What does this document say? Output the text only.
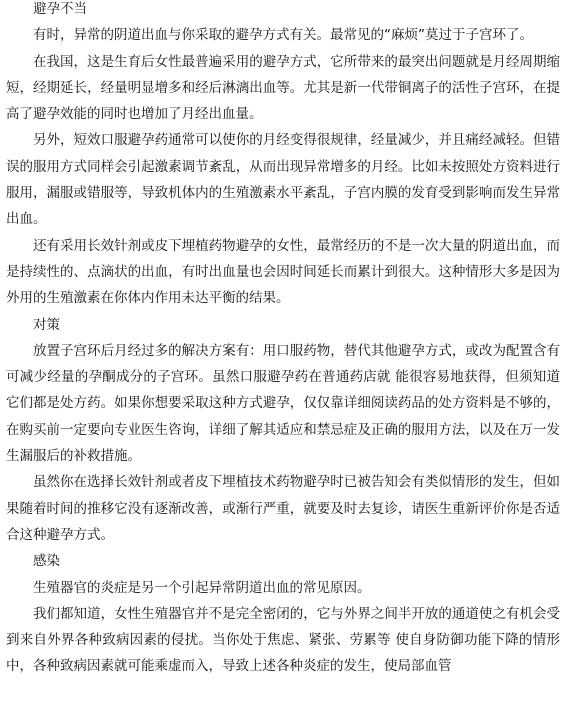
避孕不当

有时，异常的阴道出血与你采取的避孕方式有关。最常见的“麻烦”莫过于子宫环了。

在我国，这是生育后女性最普遍采用的避孕方式，它所带来的最突出问题就是月经周期缩短，经期延长，经量明显增多和经后淋漓出血等。尤其是新一代带铜离子的活性子宫环，在提高了避孕效能的同时也增加了月经出血量。

另外，短效口服避孕药通常可以使你的月经变得很规律，经量减少，并且痛经减轻。但错误的服用方式同样会引起激素调节紊乱，从而出现异常增多的月经。比如未按照处方资料进行服用，漏服或错服等，导致机体内的生殖激素水平紊乱，子宫内膜的发育受到影响而发生异常出血。

还有采用长效针剂或皮下埋植药物避孕的女性，最常经历的不是一次大量的阴道出血，而是持续性的、点滴状的出血，有时出血量也会因时间延长而累计到很大。这种情形大多是因为外用的生殖激素在你体内作用未达平衡的结果。

对策

放置子宫环后月经过多的解决方案有：用口服药物，替代其他避孕方式，或改为配置含有可减少经量的孕酮成分的子宫环。虽然口服避孕药在普通药店就 能很容易地获得，但须知道它们都是处方药。如果你想要采取这种方式避孕，仅仅靠详细阅读药品的处方资料是不够的，在购买前一定要向专业医生咨询，详细了解其适应和禁忌症及正确的服用方法，以及在万一发生漏服后的补救措施。

虽然你在选择长效针剂或者皮下埋植技术药物避孕时已被告知会有类似情形的发生，但如果随着时间的推移它没有逐渐改善，或渐行严重，就要及时去复诊，请医生重新评价你是否适合这种避孕方式。

感染

生殖器官的炎症是另一个引起异常阴道出血的常见原因。

我们都知道，女性生殖器官并不是完全密闭的，它与外界之间半开放的通道使之有机会受到来自外界各种致病因素的侵扰。当你处于焦虑、紧张、劳累等 使自身防御功能下降的情形中，各种致病因素就可能乘虚而入，导致上述各种炎症的发生，使局部血管
